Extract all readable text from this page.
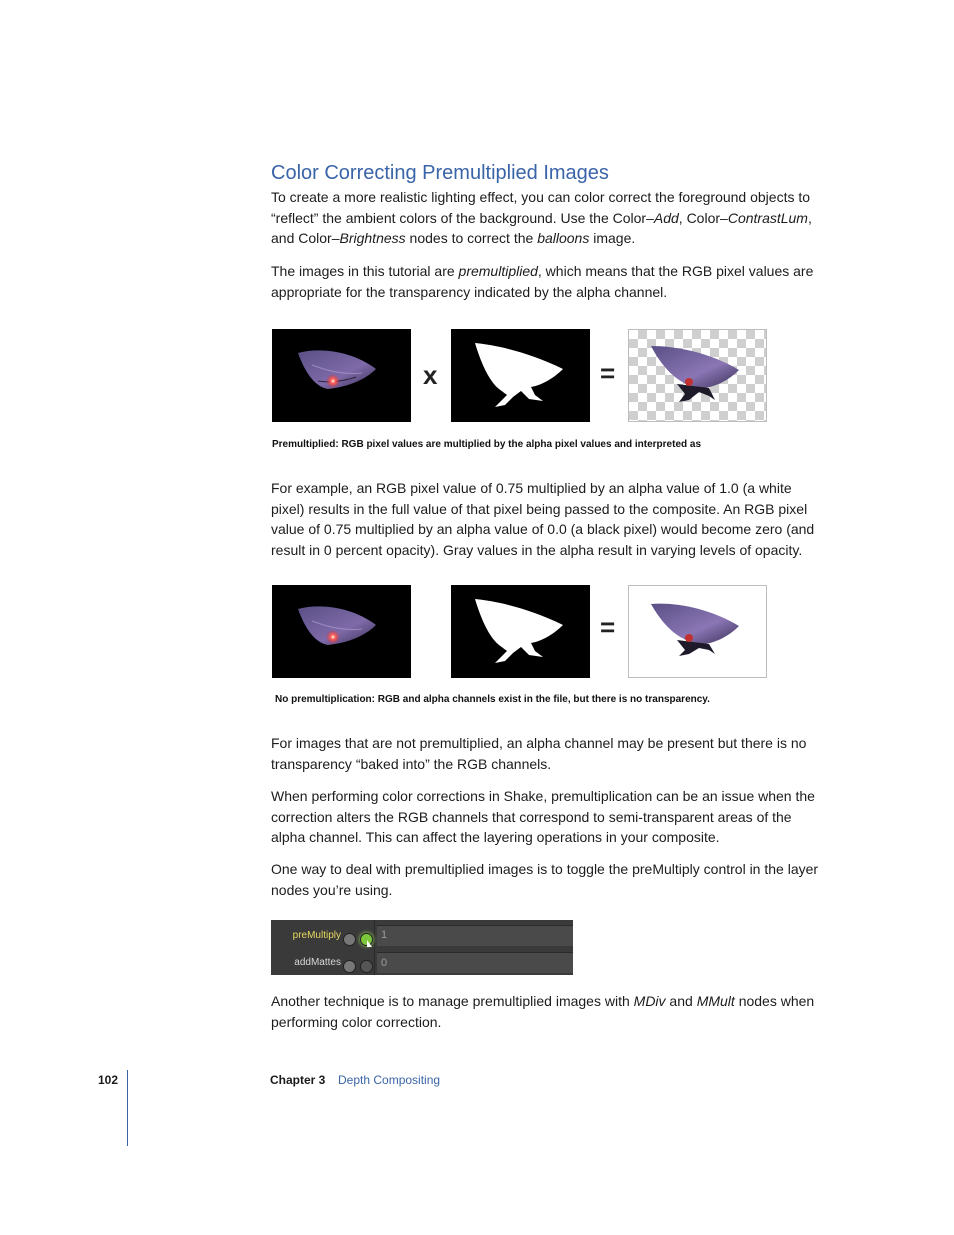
Color Correcting Premultiplied Images
To create a more realistic lighting effect, you can color correct the foreground objects to “reflect” the ambient colors of the background. Use the Color–Add, Color–ContrastLum, and Color–Brightness nodes to correct the balloons image.
The images in this tutorial are premultiplied, which means that the RGB pixel values are appropriate for the transparency indicated by the alpha channel.
x	=
Premultiplied: RGB pixel values are multiplied by the alpha pixel values and interpreted as
For example, an RGB pixel value of 0.75 multiplied by an alpha value of 1.0 (a white pixel) results in the full value of that pixel being passed to the composite. An RGB pixel value of 0.75 multiplied by an alpha value of 0.0 (a black pixel) would become zero (and result in 0 percent opacity). Gray values in the alpha result in varying levels of opacity.
=
No premultiplication: RGB and alpha channels exist in the file, but there is no transparency.
For images that are not premultiplied, an alpha channel may be present but there is no transparency “baked into” the RGB channels.
When performing color corrections in Shake, premultiplication can be an issue when the correction alters the RGB channels that correspond to semi-transparent areas of the alpha channel. This can affect the layering operations in your composite.
One way to deal with premultiplied images is to toggle the preMultiply control in the layer nodes you’re using.
preMultiply	1
addMattes	0
Another technique is to manage premultiplied images with MDiv and MMult nodes when performing color correction.
102	Chapter 3 Depth Compositing
